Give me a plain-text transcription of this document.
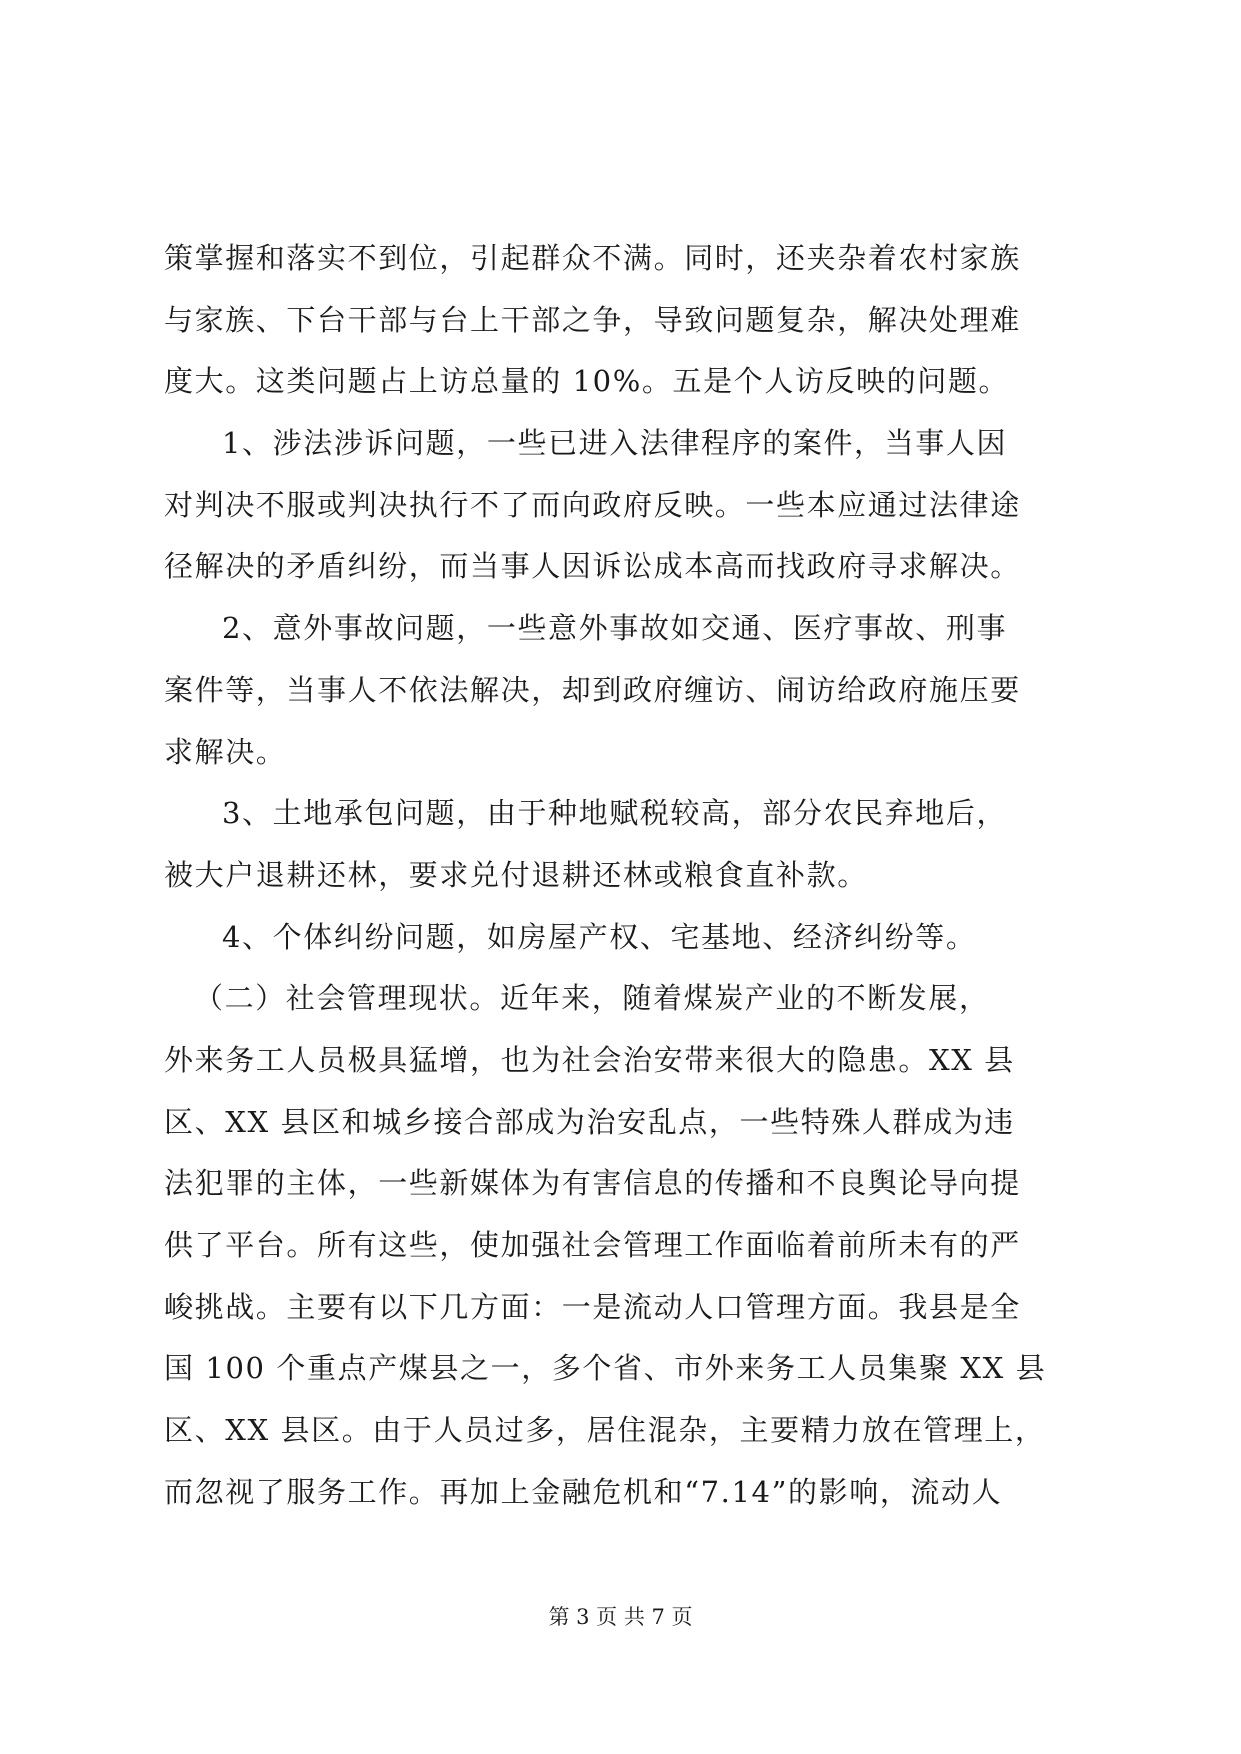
策掌握和落实不到位，引起群众不满。同时，还夹杂着农村家族
与家族、下台干部与台上干部之争，导致问题复杂，解决处理难
度大。这类问题占上访总量的 10%。五是个人访反映的问题。
1、涉法涉诉问题，一些已进入法律程序的案件，当事人因
对判决不服或判决执行不了而向政府反映。一些本应通过法律途
径解决的矛盾纠纷，而当事人因诉讼成本高而找政府寻求解决。
2、意外事故问题，一些意外事故如交通、医疗事故、刑事
案件等，当事人不依法解决，却到政府缠访、闹访给政府施压要
求解决。
3、土地承包问题，由于种地赋税较高，部分农民弃地后，
被大户退耕还林，要求兑付退耕还林或粮食直补款。
4、个体纠纷问题，如房屋产权、宅基地、经济纠纷等。
（二）社会管理现状。近年来，随着煤炭产业的不断发展，
外来务工人员极具猛增，也为社会治安带来很大的隐患。XX 县
区、XX 县区和城乡接合部成为治安乱点，一些特殊人群成为违
法犯罪的主体，一些新媒体为有害信息的传播和不良舆论导向提
供了平台。所有这些，使加强社会管理工作面临着前所未有的严
峻挑战。主要有以下几方面：一是流动人口管理方面。我县是全
国 100 个重点产煤县之一，多个省、市外来务工人员集聚 XX 县
区、XX 县区。由于人员过多，居住混杂，主要精力放在管理上，
而忽视了服务工作。再加上金融危机和“7.14”的影响，流动人
第 3 页 共 7 页
